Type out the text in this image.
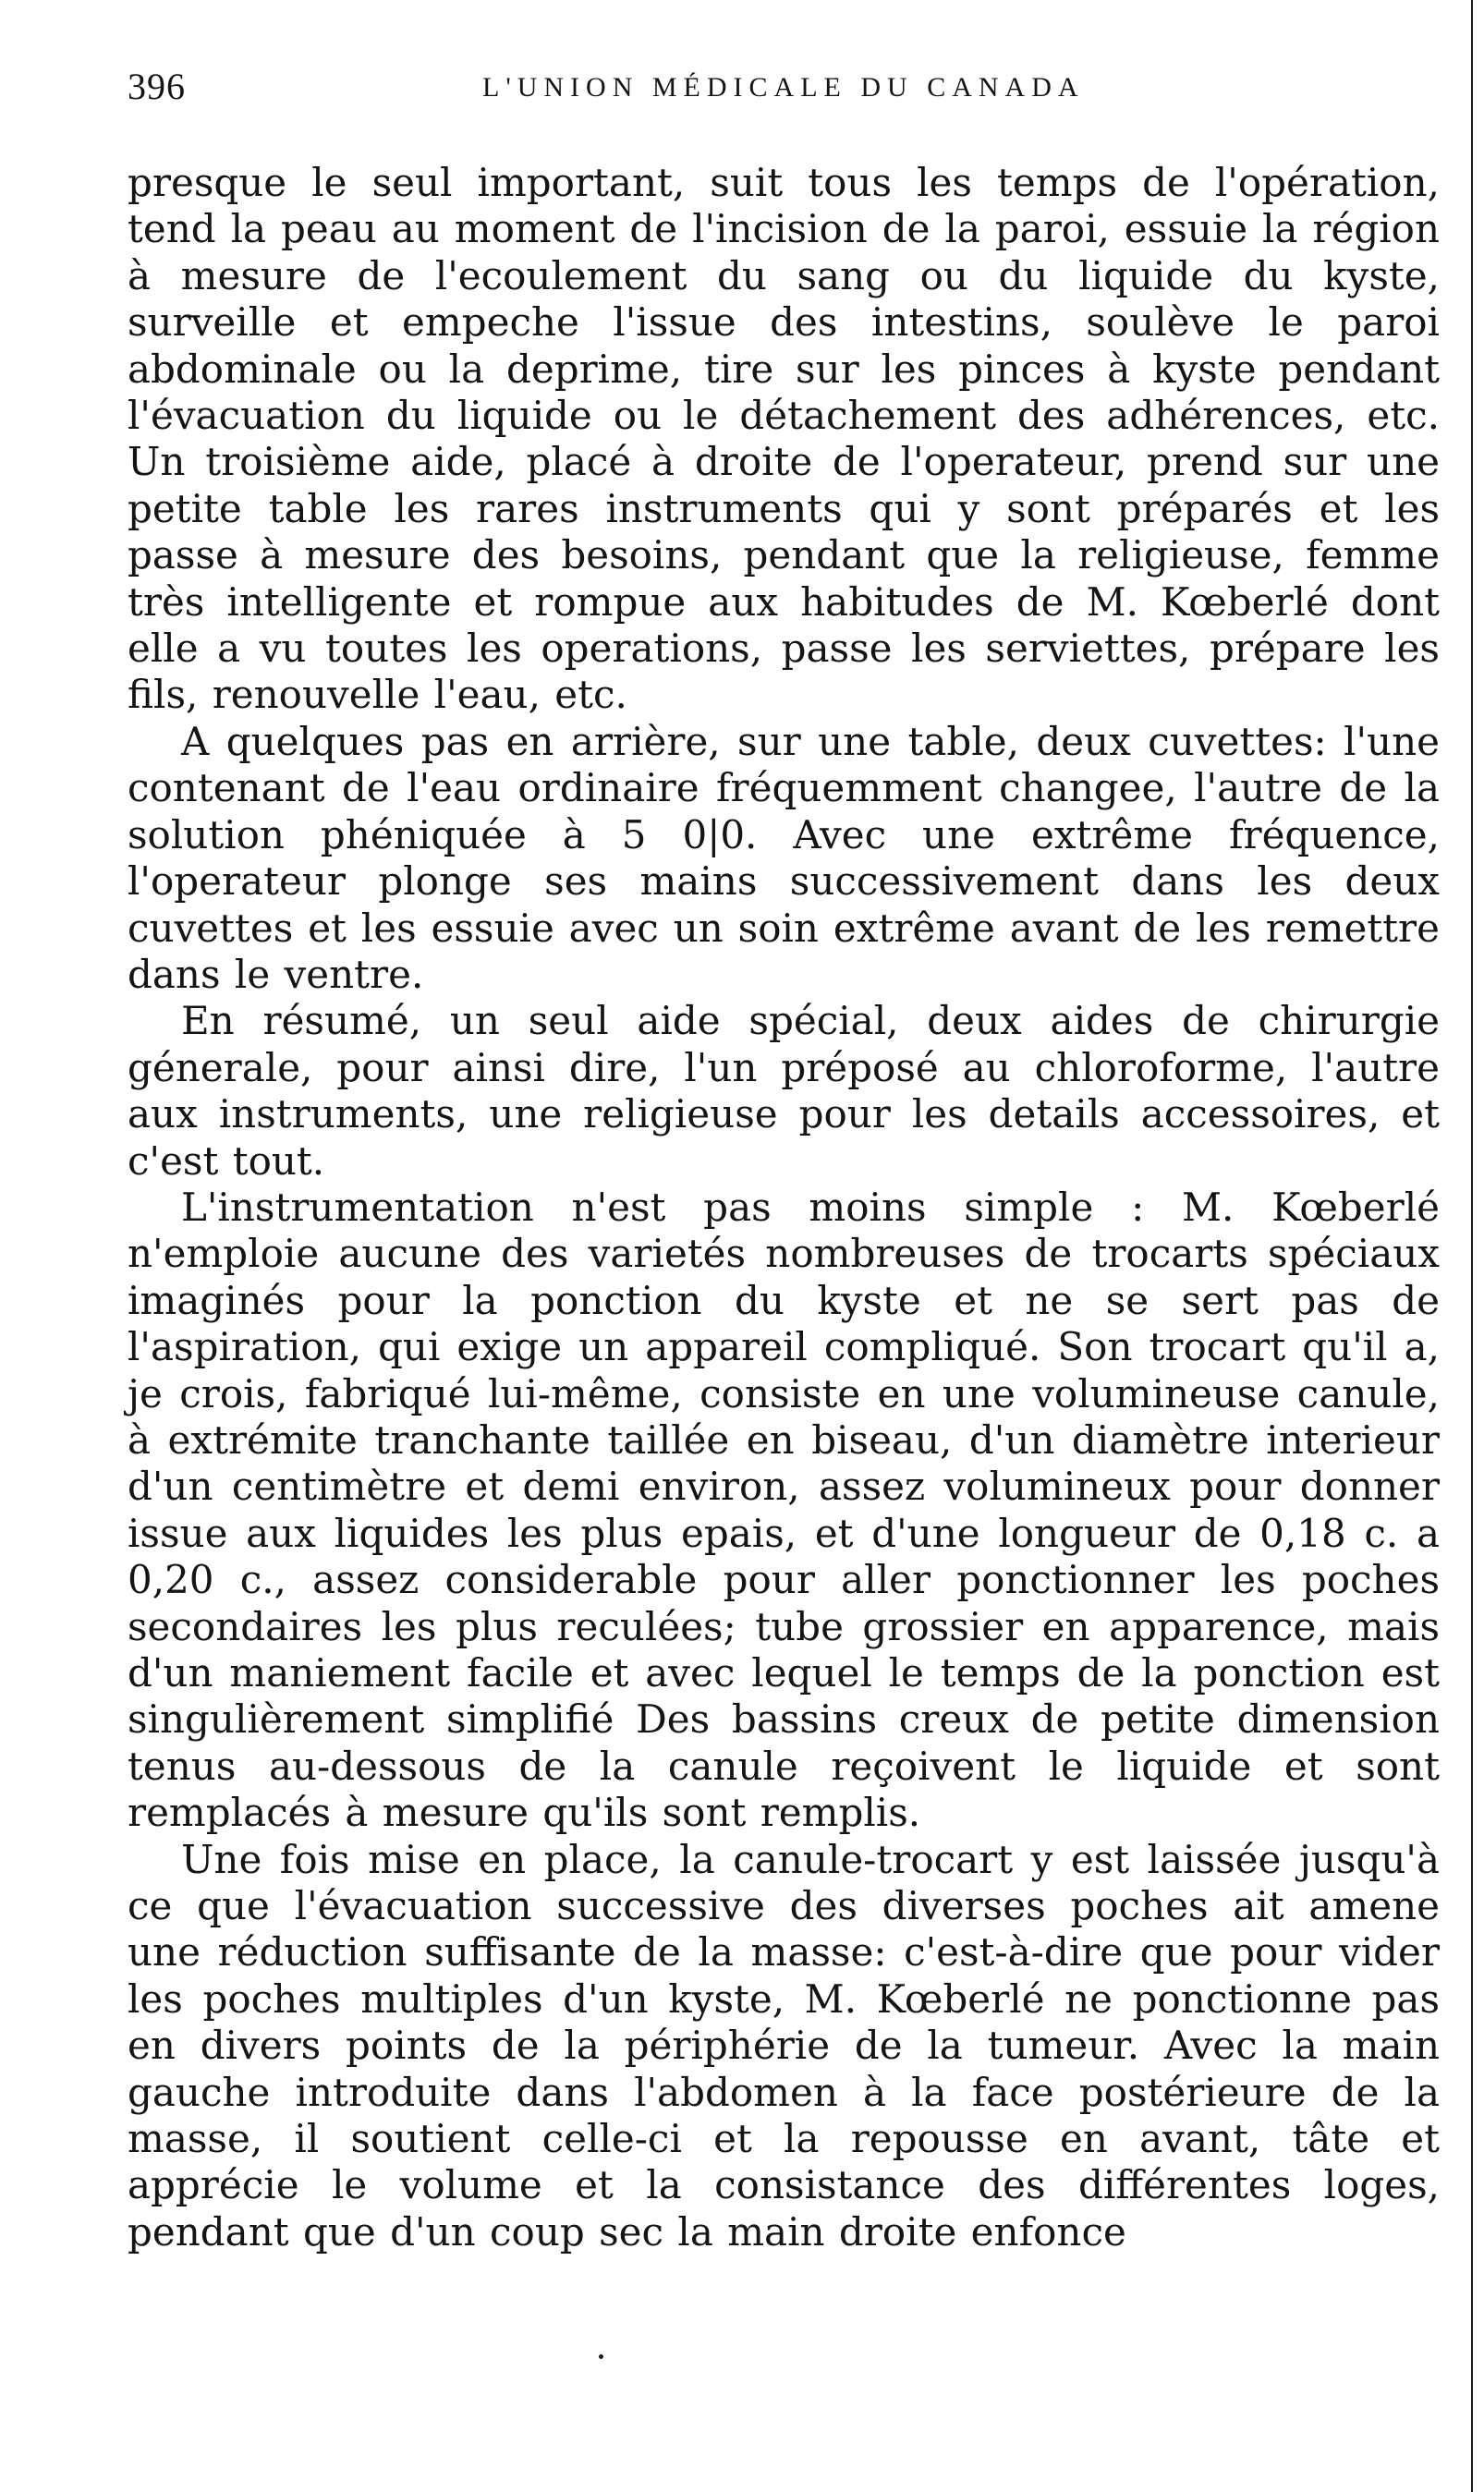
396	L'UNION MÉDICALE DU CANADA

presque le seul important, suit tous les temps de l'opération, tend la peau au moment de l'incision de la paroi, essuie la région à mesure de l'ecoulement du sang ou du liquide du kyste, surveille et empeche l'issue des intestins, soulève le paroi abdominale ou la deprime, tire sur les pinces à kyste pendant l'évacuation du liquide ou le détachement des adhérences, etc. Un troisième aide, placé à droite de l'operateur, prend sur une petite table les rares instruments qui y sont préparés et les passe à mesure des besoins, pendant que la religieuse, femme très intelligente et rompue aux habitudes de M. Kœberlé dont elle a vu toutes les operations, passe les serviettes, prépare les fils, renouvelle l'eau, etc.

A quelques pas en arrière, sur une table, deux cuvettes: l'une contenant de l'eau ordinaire fréquemment changee, l'autre de la solution phéniquée à 5 0|0. Avec une extrême fréquence, l'operateur plonge ses mains successivement dans les deux cuvettes et les essuie avec un soin extrême avant de les remettre dans le ventre.

En résumé, un seul aide spécial, deux aides de chirurgie génerale, pour ainsi dire, l'un préposé au chloroforme, l'autre aux instruments, une religieuse pour les details accessoires, et c'est tout.

L'instrumentation n'est pas moins simple : M. Kœberlé n'emploie aucune des varietés nombreuses de trocarts spéciaux imaginés pour la ponction du kyste et ne se sert pas de l'aspiration, qui exige un appareil compliqué. Son trocart qu'il a, je crois, fabriqué lui-même, consiste en une volumineuse canule, à extrémite tranchante taillée en biseau, d'un diamètre interieur d'un centimètre et demi environ, assez volumineux pour donner issue aux liquides les plus epais, et d'une longueur de 0,18 c. a 0,20 c., assez considerable pour aller ponctionner les poches secondaires les plus reculées; tube grossier en apparence, mais d'un maniement facile et avec lequel le temps de la ponction est singulièrement simplifié Des bassins creux de petite dimension tenus au-dessous de la canule reçoivent le liquide et sont remplacés à mesure qu'ils sont remplis.

Une fois mise en place, la canule-trocart y est laissée jusqu'à ce que l'évacuation successive des diverses poches ait amene une réduction suffisante de la masse: c'est-à-dire que pour vider les poches multiples d'un kyste, M. Kœberlé ne ponctionne pas en divers points de la périphérie de la tumeur. Avec la main gauche introduite dans l'abdomen à la face postérieure de la masse, il soutient celle-ci et la repousse en avant, tâte et apprécie le volume et la consistance des différentes loges, pendant que d'un coup sec la main droite enfonce
